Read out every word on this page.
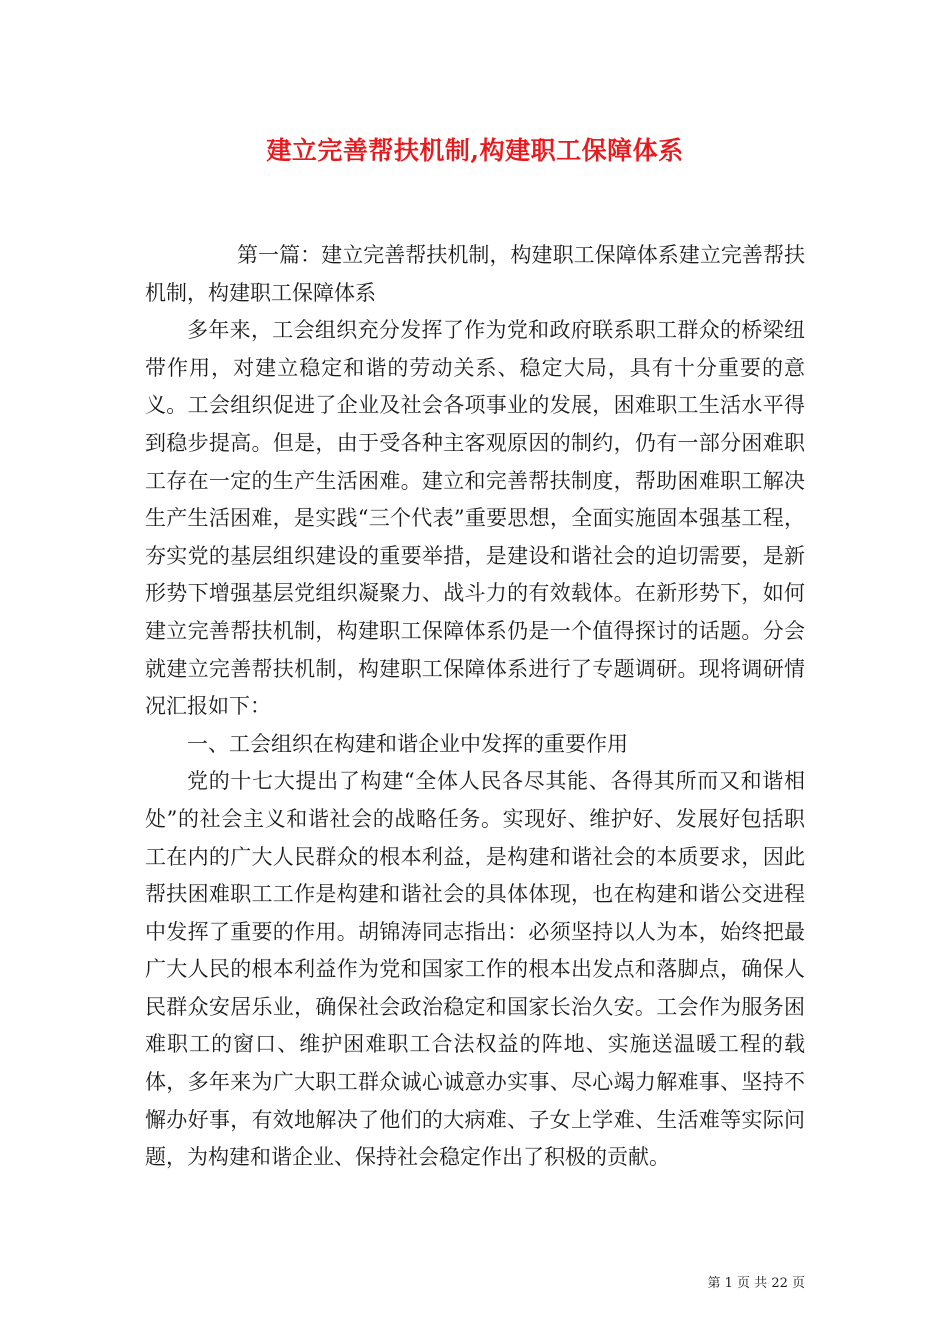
建立完善帮扶机制,构建职工保障体系

第一篇：建立完善帮扶机制，构建职工保障体系建立完善帮扶机制，构建职工保障体系

多年来，工会组织充分发挥了作为党和政府联系职工群众的桥梁纽带作用，对建立稳定和谐的劳动关系、稳定大局，具有十分重要的意义。工会组织促进了企业及社会各项事业的发展，困难职工生活水平得到稳步提高。但是，由于受各种主客观原因的制约，仍有一部分困难职工存在一定的生产生活困难。建立和完善帮扶制度，帮助困难职工解决生产生活困难，是实践“三个代表”重要思想，全面实施固本强基工程，夯实党的基层组织建设的重要举措，是建设和谐社会的迫切需要，是新形势下增强基层党组织凝聚力、战斗力的有效载体。在新形势下，如何建立完善帮扶机制，构建职工保障体系仍是一个值得探讨的话题。分会就建立完善帮扶机制，构建职工保障体系进行了专题调研。现将调研情况汇报如下：

一、工会组织在构建和谐企业中发挥的重要作用

党的十七大提出了构建“全体人民各尽其能、各得其所而又和谐相处”的社会主义和谐社会的战略任务。实现好、维护好、发展好包括职工在内的广大人民群众的根本利益，是构建和谐社会的本质要求，因此帮扶困难职工工作是构建和谐社会的具体体现，也在构建和谐公交进程中发挥了重要的作用。胡锦涛同志指出：必须坚持以人为本，始终把最广大人民的根本利益作为党和国家工作的根本出发点和落脚点，确保人民群众安居乐业，确保社会政治稳定和国家长治久安。工会作为服务困难职工的窗口、维护困难职工合法权益的阵地、实施送温暖工程的载体，多年来为广大职工群众诚心诚意办实事、尽心竭力解难事、坚持不懈办好事，有效地解决了他们的大病难、子女上学难、生活难等实际问题，为构建和谐企业、保持社会稳定作出了积极的贡献。

第 1 页 共 22 页
